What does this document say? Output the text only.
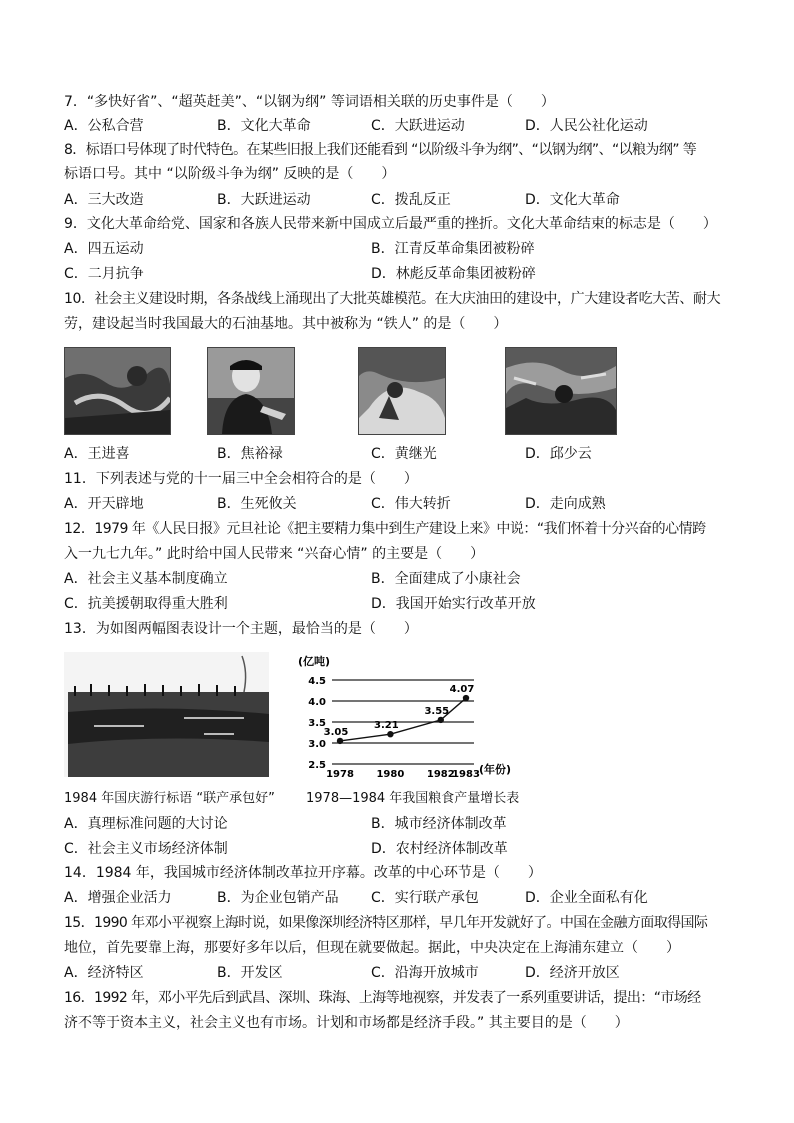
7．“多快好省”、“超英赶美”、“以钢为纲” 等词语相关联的历史事件是（　　）
A．公私合营	B．文化大革命	C．大跃进运动	D．人民公社化运动
8．标语口号体现了时代特色。在某些旧报上我们还能看到 “以阶级斗争为纲”、“以钢为纲”、“以粮为纲” 等
标语口号。其中 “以阶级斗争为纲” 反映的是（　　）
A．三大改造	B．大跃进运动	C．拨乱反正	D．文化大革命
9．文化大革命给党、国家和各族人民带来新中国成立后最严重的挫折。文化大革命结束的标志是（　　）
A．四五运动	B．江青反革命集团被粉碎
C．二月抗争	D．林彪反革命集团被粉碎
10．社会主义建设时期，各条战线上涌现出了大批英雄模范。在大庆油田的建设中，广大建设者吃大苦、耐大
劳，建设起当时我国最大的石油基地。其中被称为 “铁人” 的是（　　）
A．王进喜	B．焦裕禄	C．黄继光	D．邱少云
11．下列表述与党的十一届三中全会相符合的是（　　）
A．开天辟地	B．生死攸关	C．伟大转折	D．走向成熟
12．1979 年《人民日报》元旦社论《把主要精力集中到生产建设上来》中说：“我们怀着十分兴奋的心情跨
入一九七九年。” 此时给中国人民带来 “兴奋心情” 的主要是（　　）
A．社会主义基本制度确立	B．全面建成了小康社会
C．抗美援朝取得重大胜利	D．我国开始实行改革开放
13．为如图两幅图表设计一个主题，最恰当的是（　　）
(亿吨)
(年份)
2.5
3.0
3.5
4.0
4.5
1978 1980 1982
1983
3.05
3.21
3.55
4.07
1984 年国庆游行标语 “联产承包好” 1978—1984 年我国粮食产量增长表
A．真理标准问题的大讨论	B．城市经济体制改革
C．社会主义市场经济体制	D．农村经济体制改革
14．1984 年，我国城市经济体制改革拉开序幕。改革的中心环节是（　　）
A．增强企业活力	B．为企业包销产品 C．实行联产承包	D．企业全面私有化
15．1990 年邓小平视察上海时说，如果像深圳经济特区那样，早几年开发就好了。中国在金融方面取得国际
地位，首先要靠上海，那要好多年以后，但现在就要做起。据此，中央决定在上海浦东建立（　　）
A．经济特区	B．开发区	C．沿海开放城市	D．经济开放区
16．1992 年，邓小平先后到武昌、深圳、珠海、上海等地视察，并发表了一系列重要讲话，提出：“市场经
济不等于资本主义，社会主义也有市场。计划和市场都是经济手段。” 其主要目的是（　　）
